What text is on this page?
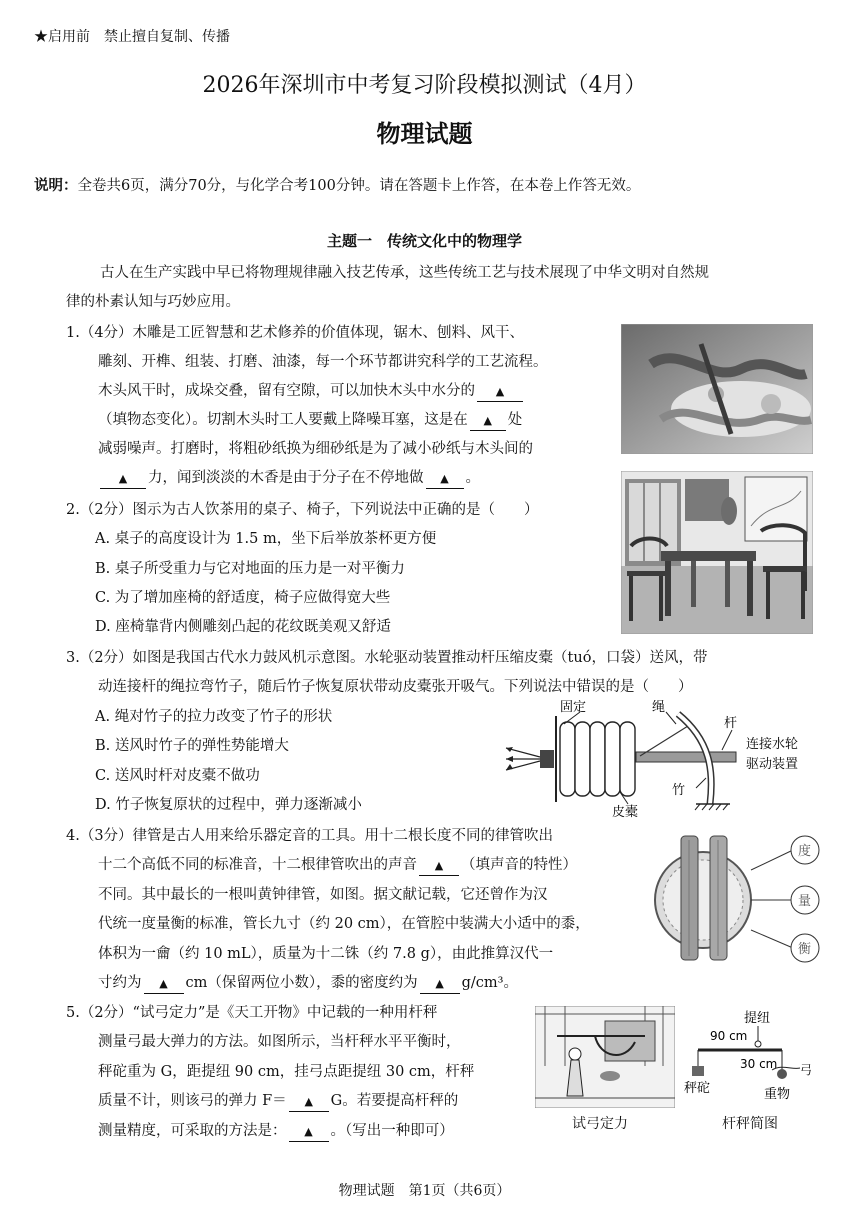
★启用前　禁止擅自复制、传播
2026年深圳市中考复习阶段模拟测试（4月）
物理试题
说明：全卷共6页，满分70分，与化学合考100分钟。请在答题卡上作答，在本卷上作答无效。
主题一　传统文化中的物理学
古人在生产实践中早已将物理规律融入技艺传承，这些传统工艺与技术展现了中华文明对自然规
律的朴素认知与巧妙应用。
1.（4分）木雕是工匠智慧和艺术修养的价值体现，锯木、刨料、风干、
雕刻、开榫、组装、打磨、油漆，每一个环节都讲究科学的工艺流程。
木头风干时，成垛交叠，留有空隙，可以加快木头中水分的 ▲
（填物态变化）。切割木头时工人要戴上降噪耳塞，这是在 ▲ 处
减弱噪声。打磨时，将粗砂纸换为细砂纸是为了减小砂纸与木头间的
▲ 力，闻到淡淡的木香是由于分子在不停地做 ▲ 。
2.（2分）图示为古人饮茶用的桌子、椅子，下列说法中正确的是（　　）
A. 桌子的高度设计为 1.5 m，坐下后举放茶杯更方便
B. 桌子所受重力与它对地面的压力是一对平衡力
C. 为了增加座椅的舒适度，椅子应做得宽大些
D. 座椅靠背内侧雕刻凸起的花纹既美观又舒适
3.（2分）如图是我国古代水力鼓风机示意图。水轮驱动装置推动杆压缩皮橐（tuó，口袋）送风，带
动连接杆的绳拉弯竹子，随后竹子恢复原状带动皮橐张开吸气。下列说法中错误的是（　　）
A. 绳对竹子的拉力改变了竹子的形状
B. 送风时竹子的弹性势能增大
C. 送风时杆对皮橐不做功
D. 竹子恢复原状的过程中，弹力逐渐减小
固定	绳
杆
连接水轮
驱动装置
竹
皮橐
4.（3分）律管是古人用来给乐器定音的工具。用十二根长度不同的律管吹出
十二个高低不同的标准音，十二根律管吹出的声音 ▲ （填声音的特性）
不同。其中最长的一根叫黄钟律管，如图。据文献记载，它还曾作为汉
代统一度量衡的标准，管长九寸（约 20 cm），在管腔中装满大小适中的黍，
体积为一龠（约 10 mL），质量为十二铢（约 7.8 g），由此推算汉代一
寸约为 ▲ cm（保留两位小数），黍的密度约为 ▲ g/cm³。
度
量
衡
5.（2分）“试弓定力”是《天工开物》中记载的一种用杆秤
测量弓最大弹力的方法。如图所示，当杆秤水平平衡时，
秤砣重为 G，距提纽 90 cm，挂弓点距提纽 30 cm，杆秤
质量不计，则该弓的弹力 F＝ ▲ G。若要提高杆秤的
测量精度，可采取的方法是： ▲ 。（写出一种即可）	试弓定力
提纽
90 cm
秤砣
30 cm 弓
重物
杆秤简图
物理试题　第1页（共6页）
